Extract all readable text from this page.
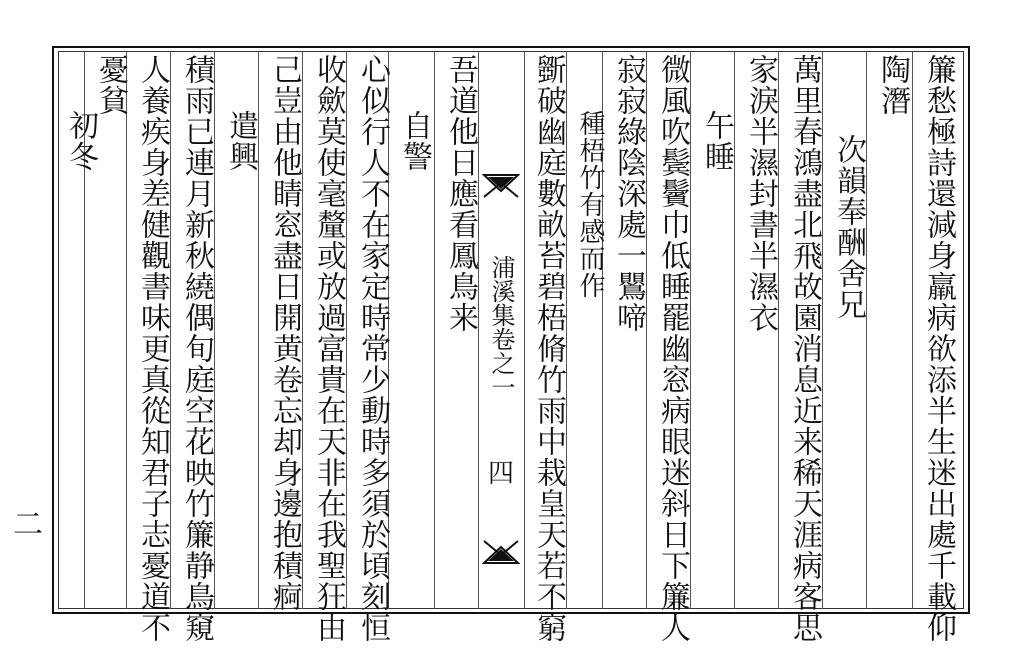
簾愁極詩還減身羸病欲添半生迷出處千載仰
陶潛
次韻奉酬舍兄
萬里春鴻盡北飛故園消息近来稀天涯病客思
家淚半濕封書半濕衣
午睡
微風吹鬓鬢巾低睡罷幽窓病眼迷斜日下簾人
寂寂綠陰深處一鸎啼
種梧竹有感而作
斵破幽庭數畝苔碧梧脩竹雨中栽皇天若不窮
浦溪集卷之一
四
吾道他日應看鳳鳥来
自警
心似行人不在家定時常少動時多須於頃刻恒
收歛莫使毫釐或放過富貴在天非在我聖狂由
己豈由他睛窓盡日開黄卷忘却身邊抱積痾
遣興
積雨已連月新秋繞偶旬庭空花映竹簾静鳥窺
人養疾身差健觀書味更真從知君子志憂道不
憂貧
初冬
二
